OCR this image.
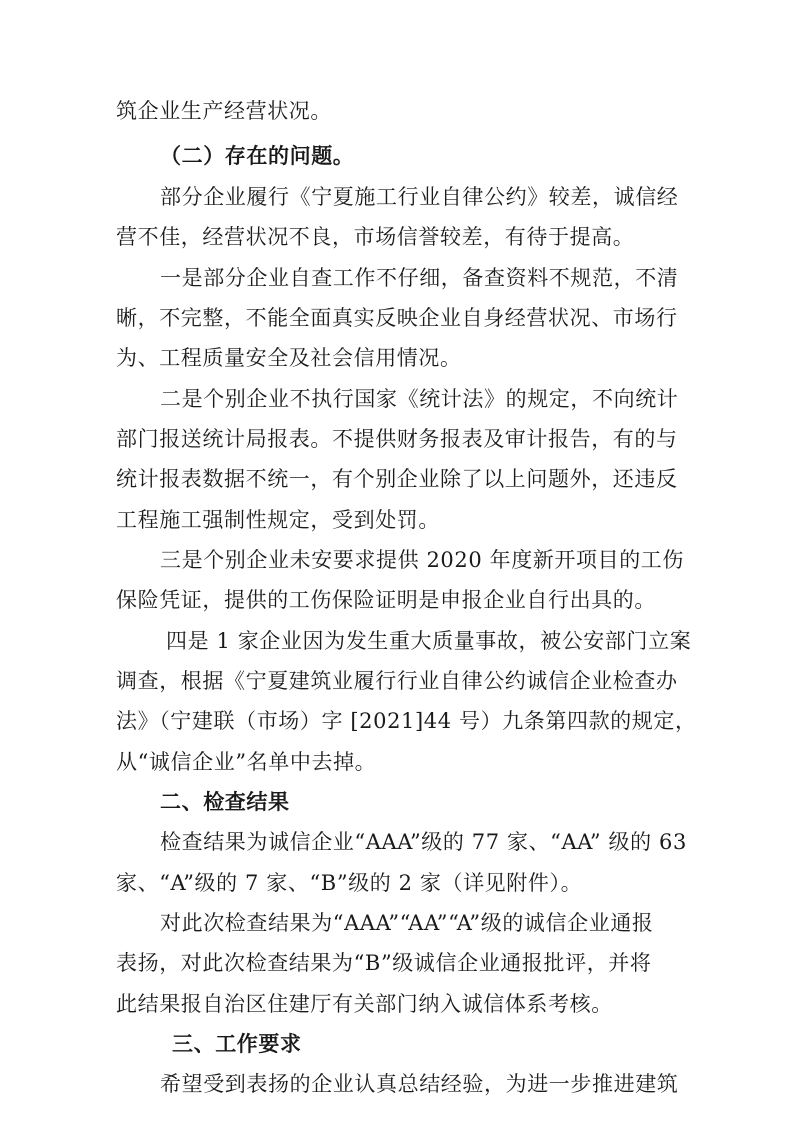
筑企业生产经营状况。
（二）存在的问题。
部分企业履行《宁夏施工行业自律公约》较差，诚信经
营不佳，经营状况不良，市场信誉较差，有待于提高。
一是部分企业自查工作不仔细，备查资料不规范，不清
晰，不完整，不能全面真实反映企业自身经营状况、市场行
为、工程质量安全及社会信用情况。
二是个别企业不执行国家《统计法》的规定，不向统计
部门报送统计局报表。不提供财务报表及审计报告，有的与
统计报表数据不统一，有个别企业除了以上问题外，还违反
工程施工强制性规定，受到处罚。
三是个别企业未安要求提供 2020 年度新开项目的工伤
保险凭证，提供的工伤保险证明是申报企业自行出具的。
四是 1 家企业因为发生重大质量事故，被公安部门立案
调查，根据《宁夏建筑业履行行业自律公约诚信企业检查办
法》（宁建联（市场）字 [2021]44 号）九条第四款的规定，
从“诚信企业”名单中去掉。
二、检查结果
检查结果为诚信企业“AAA”级的 77 家、“AA” 级的 63
家、“A”级的 7 家、“B”级的 2 家（详见附件）。
对此次检查结果为“AAA”“AA”“A”级的诚信企业通报
表扬，对此次检查结果为“B”级诚信企业通报批评，并将
此结果报自治区住建厅有关部门纳入诚信体系考核。
三、工作要求
希望受到表扬的企业认真总结经验，为进一步推进建筑
